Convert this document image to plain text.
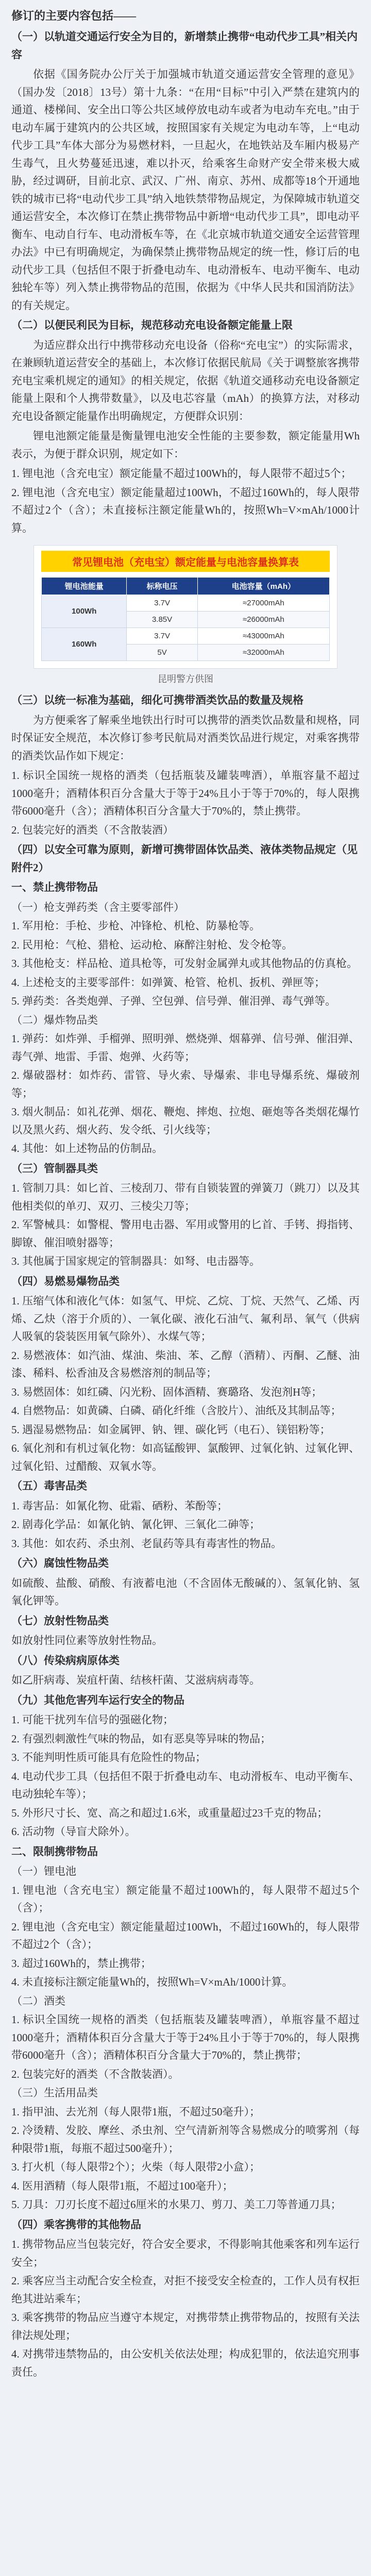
修订的主要内容包括——

（一）以轨道交通运行安全为目的，新增禁止携带“电动代步工具”相关内容

依据《国务院办公厅关于加强城市轨道交通运营安全管理的意见》（国办发〔2018〕13号）第十九条：“在用“目标”中引入严禁在建筑内的通道、楼梯间、安全出口等公共区域停放电动车或者为电动车充电。”由于电动车属于建筑内的公共区域，按照国家有关规定为电动车等，上“电动代步工具”车体大部分为易燃材料，一旦起火，在地铁站及车厢内极易产生毒气，且火势蔓延迅速，难以扑灭，给乘客生命财产安全带来极大威胁，经过调研，目前北京、武汉、广州、南京、苏州、成都等18个开通地铁的城市已将“电动代步工具”纳入地铁禁带物品规定，为保障城市轨道交通运营安全，本次修订在禁止携带物品中新增“电动代步工具”，即电动平衡车、电动自行车、电动滑板车等，在《北京城市轨道交通安全运营管理办法》中已有明确规定，为确保禁止携带物品规定的统一性，修订后的电动代步工具（包括但不限于折叠电动车、电动滑板车、电动平衡车、电动独轮车等）列入禁止携带物品的范围，依据为《中华人民共和国消防法》的有关规定。

（二）以便民利民为目标，规范移动充电设备额定能量上限

为适应群众出行中携带移动充电设备（俗称“充电宝”）的实际需求，在兼顾轨道运营安全的基础上，本次修订依据民航局《关于调整旅客携带充电宝乘机规定的通知》的相关规定，依据《轨道交通移动充电设备额定能量上限和个人携带数量》，以及电芯容量（mAh）的换算方法，对移动充电设备额定能量作出明确规定，方便群众识别：

锂电池额定能量是衡量锂电池安全性能的主要参数，额定能量用Wh表示，为便于群众识别，规定如下：

1. 锂电池（含充电宝）额定能量不超过100Wh的，每人限带不超过5个；

2. 锂电池（含充电宝）额定能量超过100Wh，不超过160Wh的，每人限带不超过2个（含）；未直接标注额定能量Wh的，按照Wh=V×mAh/1000计算。

常见锂电池（充电宝）额定能量与电池容量换算表
锂电池能量	标称电压	电池容量（mAh）
100Wh	3.7V	≈27000mAh
	3.85V	≈26000mAh
160Wh	3.7V	≈43000mAh
	5V	≈32000mAh
昆明警方供图

（三）以统一标准为基础，细化可携带酒类饮品的数量及规格

为方便乘客了解乘坐地铁出行时可以携带的酒类饮品数量和规格，同时保证安全规范，本次修订参考民航局对酒类饮品进行规定，对乘客携带的酒类饮品作如下规定：

1. 标识全国统一规格的酒类（包括瓶装及罐装啤酒），单瓶容量不超过1000毫升；酒精体积百分含量大于等于24%且小于等于70%的，每人限携带6000毫升（含）；酒精体积百分含量大于70%的，禁止携带。

2. 包装完好的酒类（不含散装酒）

（四）以安全可靠为原则，新增可携带固体饮品类、液体类物品规定（见附件2）

一、禁止携带物品

（一）枪支弹药类（含主要零部件）

1. 军用枪：手枪、步枪、冲锋枪、机枪、防暴枪等。

2. 民用枪：气枪、猎枪、运动枪、麻醉注射枪、发令枪等。

3. 其他枪支：样品枪、道具枪等，可发射金属弹丸或其他物品的仿真枪。

4. 上述枪支的主要零部件：如弹簧、枪管、枪机、扳机、弹匣等；

5. 弹药类：各类炮弹、子弹、空包弹、信号弹、催泪弹、毒气弹等。

（二）爆炸物品类

1. 弹药：如炸弹、手榴弹、照明弹、燃烧弹、烟幕弹、信号弹、催泪弹、毒气弹、地雷、手雷、炮弹、火药等；

2. 爆破器材：如炸药、雷管、导火索、导爆索、非电导爆系统、爆破剂等；

3. 烟火制品：如礼花弹、烟花、鞭炮、摔炮、拉炮、砸炮等各类烟花爆竹以及黑火药、烟火药、发令纸、引火线等；

4. 其他：如上述物品的仿制品。

（三）管制器具类

1. 管制刀具：如匕首、三棱刮刀、带有自锁装置的弹簧刀（跳刀）以及其他相类似的单刃、双刃、三棱尖刀等；

2. 军警械具：如警棍、警用电击器、军用或警用的匕首、手铐、拇指铐、脚镣、催泪喷射器等；

3. 其他属于国家规定的管制器具：如弩、电击器等。

（四）易燃易爆物品类

1. 压缩气体和液化气体：如氢气、甲烷、乙烷、丁烷、天然气、乙烯、丙烯、乙炔（溶于介质的）、一氧化碳、液化石油气、氟利昂、氧气（供病人吸氧的袋装医用氧气除外）、水煤气等；

2. 易燃液体：如汽油、煤油、柴油、苯、乙醇（酒精）、丙酮、乙醚、油漆、稀料、松香油及含易燃溶剂的制品等；

3. 易燃固体：如红磷、闪光粉、固体酒精、赛璐珞、发泡剂H等；

4. 自燃物品：如黄磷、白磷、硝化纤维（含胶片）、油纸及其制品等；

5. 遇湿易燃物品：如金属钾、钠、锂、碳化钙（电石）、镁铝粉等；

6. 氧化剂和有机过氧化物：如高锰酸钾、氯酸钾、过氧化钠、过氧化钾、过氧化铅、过醋酸、双氧水等。

（五）毒害品类

1. 毒害品：如氰化物、砒霜、硒粉、苯酚等；

2. 剧毒化学品：如氰化钠、氰化钾、三氧化二砷等；

3. 其他：如农药、杀虫剂、老鼠药等具有毒害性的物品。

（六）腐蚀性物品类

如硫酸、盐酸、硝酸、有液蓄电池（不含固体无酸碱的）、氢氧化钠、氢氧化钾等。

（七）放射性物品类

如放射性同位素等放射性物品。

（八）传染病病原体类

如乙肝病毒、炭疽杆菌、结核杆菌、艾滋病病毒等。

（九）其他危害列车运行安全的物品

1. 可能干扰列车信号的强磁化物；

2. 有强烈刺激性气味的物品，如有恶臭等异味的物品；

3. 不能判明性质可能具有危险性的物品；

4. 电动代步工具（包括但不限于折叠电动车、电动滑板车、电动平衡车、电动独轮车等）；

5. 外形尺寸长、宽、高之和超过1.6米，或重量超过23千克的物品；

6. 活动物（导盲犬除外）。

二、限制携带物品

（一）锂电池

1. 锂电池（含充电宝）额定能量不超过100Wh的，每人限带不超过5个（含）；

2. 锂电池（含充电宝）额定能量超过100Wh，不超过160Wh的，每人限带不超过2个（含）；

3. 超过160Wh的，禁止携带；

4. 未直接标注额定能量Wh的，按照Wh=V×mAh/1000计算。

（二）酒类

1. 标识全国统一规格的酒类（包括瓶装及罐装啤酒），单瓶容量不超过1000毫升；酒精体积百分含量大于等于24%且小于等于70%的，每人限携带6000毫升（含）；酒精体积百分含量大于70%的，禁止携带；

2. 包装完好的酒类（不含散装酒）。

（三）生活用品类

1. 指甲油、去光剂（每人限带1瓶，不超过50毫升）；

2. 冷烫精、发胶、摩丝、杀虫剂、空气清新剂等含易燃成分的喷雾剂（每种限带1瓶，每瓶不超过500毫升）；

3. 打火机（每人限带2个）；火柴（每人限带2小盒）；

4. 医用酒精（每人限带1瓶，不超过100毫升）；

5. 刀具：刀刃长度不超过6厘米的水果刀、剪刀、美工刀等普通刀具；

（四）乘客携带的其他物品

1. 携带物品应当包装完好，符合安全要求，不得影响其他乘客和列车运行安全；

2. 乘客应当主动配合安全检查，对拒不接受安全检查的，工作人员有权拒绝其进站乘车；

3. 乘客携带的物品应当遵守本规定，对携带禁止携带物品的，按照有关法律法规处理；

4. 对携带违禁物品的，由公安机关依法处理；构成犯罪的，依法追究刑事责任。
